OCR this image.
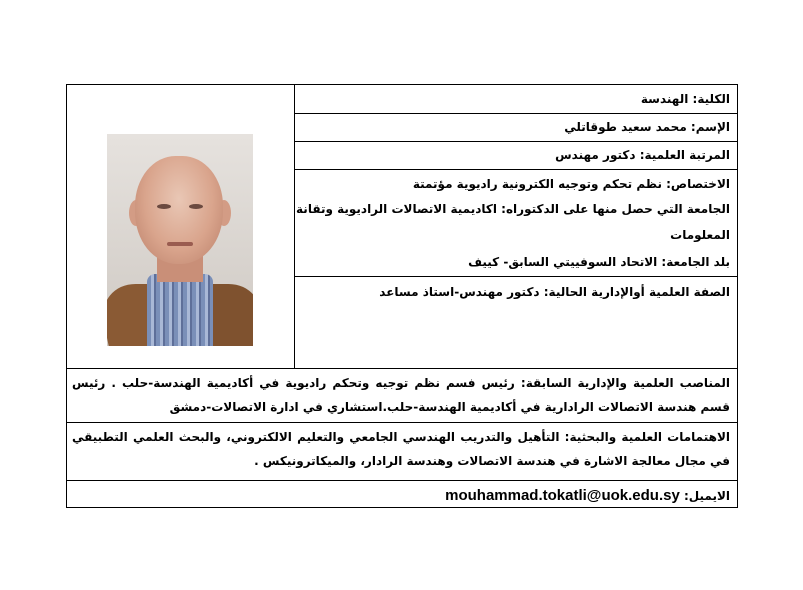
الكلية: الهندسة
الإسم: محمد سعيد طوقاتلي
المرتبة العلمية: دكتور مهندس
الاختصاص: نظم تحكم وتوجيه الكترونية راديوية مؤتمتة
الجامعة التي حصل منها على الدكتوراه: اكاديمية الاتصالات الراديوية وتقانة
المعلومات
بلد الجامعة: الاتحاد السوفييتي السابق- كييف
الصفة العلمية أوالإدارية الحالية: دكتور مهندس-استاذ مساعد
المناصب العلمية والإدارية السابقة: رئيس فسم نظم توجيه وتحكم راديوية في أكاديمية الهندسة-حلب . رئيس قسم هندسة الاتصالات الرادارية في أكاديمية الهندسة-حلب.استشاري في ادارة الاتصالات-دمشق
الاهتمامات العلمية والبحثية: التأهيل والتدريب الهندسي الجامعي والتعليم الالكتروني، والبحث العلمي التطبيقي في مجال معالجة الاشارة في هندسة الاتصالات وهندسة الرادار، والميكاترونيكس .
الايميل: mouhammad.tokatli@uok.edu.sy
